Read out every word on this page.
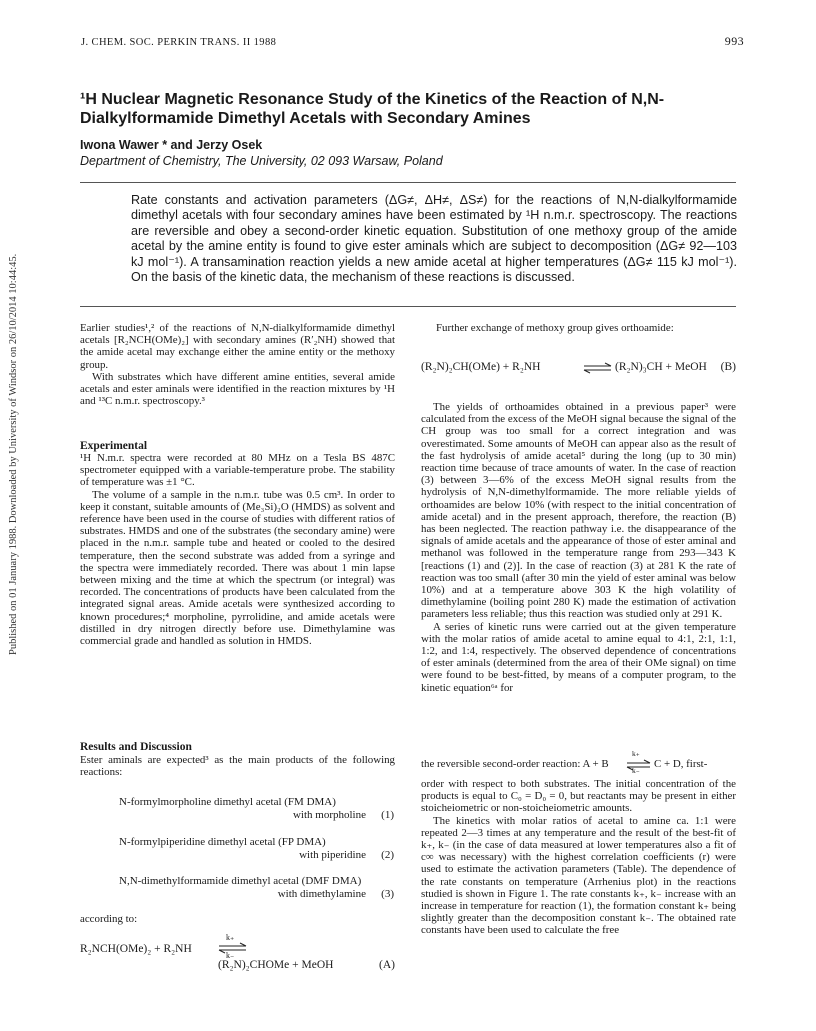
J. CHEM. SOC. PERKIN TRANS. II 1988	993
Published on 01 January 1988. Downloaded by University of Windsor on 26/10/2014 10:44:45.
¹H Nuclear Magnetic Resonance Study of the Kinetics of the Reaction of N,N-Dialkylformamide Dimethyl Acetals with Secondary Amines
Iwona Wawer * and Jerzy Osek
Department of Chemistry, The University, 02 093 Warsaw, Poland
Rate constants and activation parameters (ΔG≠, ΔH≠, ΔS≠) for the reactions of N,N-dialkylformamide dimethyl acetals with four secondary amines have been estimated by ¹H n.m.r. spectroscopy. The reactions are reversible and obey a second-order kinetic equation. Substitution of one methoxy group of the amide acetal by the amine entity is found to give ester aminals which are subject to decomposition (ΔG≠ 92—103 kJ mol⁻¹). A transamination reaction yields a new amide acetal at higher temperatures (ΔG≠ 115 kJ mol⁻¹). On the basis of the kinetic data, the mechanism of these reactions is discussed.

Earlier studies¹,² of the reactions of N,N-dialkylformamide dimethyl acetals [R₂NCH(OMe)₂] with secondary amines (R′₂NH) showed that the amide acetal may exchange either the amine entity or the methoxy group.

With substrates which have different amine entities, several amide acetals and ester aminals were identified in the reaction mixtures by ¹H and ¹³C n.m.r. spectroscopy.³

Experimental

¹H N.m.r. spectra were recorded at 80 MHz on a Tesla BS 487C spectrometer equipped with a variable-temperature probe. The stability of temperature was ±1 °C.

The volume of a sample in the n.m.r. tube was 0.5 cm³. In order to keep it constant, suitable amounts of (Me₃Si)₂O (HMDS) as solvent and reference have been used in the course of studies with different ratios of substrates. HMDS and one of the substrates (the secondary amine) were placed in the n.m.r. sample tube and heated or cooled to the desired temperature, then the second substrate was added from a syringe and the spectra were immediately recorded. There was about 1 min lapse between mixing and the time at which the spectrum (or integral) was recorded. The concentrations of products have been calculated from the integrated signal areas. Amide acetals were synthesized according to known procedures;⁴ morpholine, pyrrolidine, and amide acetals were distilled in dry nitrogen directly before use. Dimethylamine was commercial grade and handled as solution in HMDS.

Results and Discussion
Ester aminals are expected³ as the main products of the following reactions:
N-formylmorpholine dimethyl acetal (FM DMA)
with morpholine (1)
N-formylpiperidine dimethyl acetal (FP DMA)
with piperidine (2)
N,N-dimethylformamide dimethyl acetal (DMF DMA)
with dimethylamine (3)
according to:
R₂NCH(OMe)₂ + R₂NH
k₊
k₋
(R₂N)₂CHOMe + MeOH	(A)
Further exchange of methoxy group gives orthoamide:
(R₂N)₂CH(OMe) + R₂NH	⇌ (R₂N)₃CH + MeOH (B)

The yields of orthoamides obtained in a previous paper³ were calculated from the excess of the MeOH signal because the signal of the CH group was too small for a correct integration and was overestimated. Some amounts of MeOH can appear also as the result of the fast hydrolysis of amide acetal⁵ during the long (up to 30 min) reaction time because of trace amounts of water. In the case of reaction (3) between 3—6% of the excess MeOH signal results from the hydrolysis of N,N-dimethylformamide. The more reliable yields of orthoamides are below 10% (with respect to the initial concentration of amide acetal) and in the present approach, therefore, the reaction (B) has been neglected. The reaction pathway i.e. the disappearance of the signals of amide acetals and the appearance of those of ester aminal and methanol was followed in the temperature range from 293—343 K [reactions (1) and (2)]. In the case of reaction (3) at 281 K the rate of reaction was too small (after 30 min the yield of ester aminal was below 10%) and at a temperature above 303 K the high volatility of dimethylamine (boiling point 280 K) made the estimation of activation parameters less reliable; thus this reaction was studied only at 291 K.

A series of kinetic runs were carried out at the given temperature with the molar ratios of amide acetal to amine equal to 4:1, 2:1, 1:1, 1:2, and 1:4, respectively. The observed dependence of concentrations of ester aminals (determined from the area of their OMe signal) on time were found to be best-fitted, by means of a computer program, to the kinetic equation⁶ᵃ for

the reversible second-order reaction: A + B
k₊
k₋
C + D, first-

order with respect to both substrates. The initial concentration of the products is equal to C₀ = D₀ = 0, but reactants may be present in either stoicheiometric or non-stoicheiometric amounts.

The kinetics with molar ratios of acetal to amine ca. 1:1 were repeated 2—3 times at any temperature and the result of the best-fit of k₊, k₋ (in the case of data measured at lower temperatures also a fit of c∞ was necessary) with the highest correlation coefficients (r) were used to estimate the activation parameters (Table). The dependence of the rate constants on temperature (Arrhenius plot) in the reactions studied is shown in Figure 1. The rate constants k₊, k₋ increase with an increase in temperature for reaction (1), the formation constant k₊ being slightly greater than the decomposition constant k₋. The obtained rate constants have been used to calculate the free
